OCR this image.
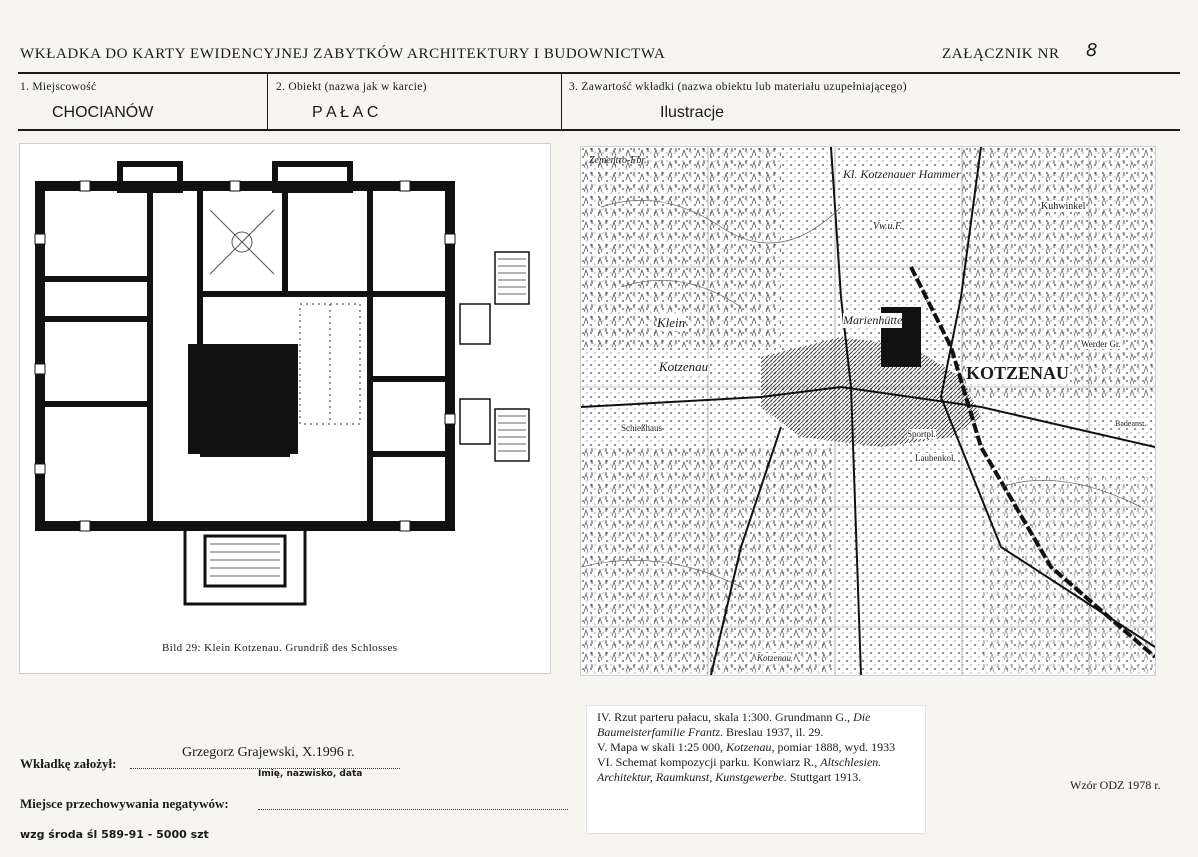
WKŁADKA DO KARTY EWIDENCYJNEJ ZABYTKÓW ARCHITEKTURY I BUDOWNICTWA	ZAŁĄCZNIK NR 8
1. Miejscowość
CHOCIANÓW
2. Obiekt (nazwa jak w karcie)
P A Ł A C
3. Zawartość wkładki (nazwa obiektu lub materiału uzupełniającego)
Ilustracje
Bild 29: Klein Kotzenau. Grundriß des Schlosses
Zementro-Fbr.
Kl. Kotzenauer Hammer
Kuhwinkel
Vw.u.F.
Marienhütte
Klein
Kotzenau	KOTZENAU
Schießhaus
Sportpl.
Laubenkol.
Werder Gr.
Badeanst.
Kotzenau
IV. Rzut parteru pałacu, skala 1:300. Grundmann G., Die Baumeisterfamilie Frantz. Breslau 1937, il. 29.
V. Mapa w skali 1:25 000, Kotzenau, pomiar 1888, wyd. 1933
VI. Schemat kompozycji parku. Konwiarz R., Altschlesien. Architektur, Raumkunst, Kunstgewerbe. Stuttgart 1913.
Grzegorz Grajewski, X.1996 r.
Wkładkę założył:
Imię, nazwisko, data
Miejsce przechowywania negatywów:
wzg środa śl 589-91 - 5000 szt
Wzór ODZ 1978 r.
